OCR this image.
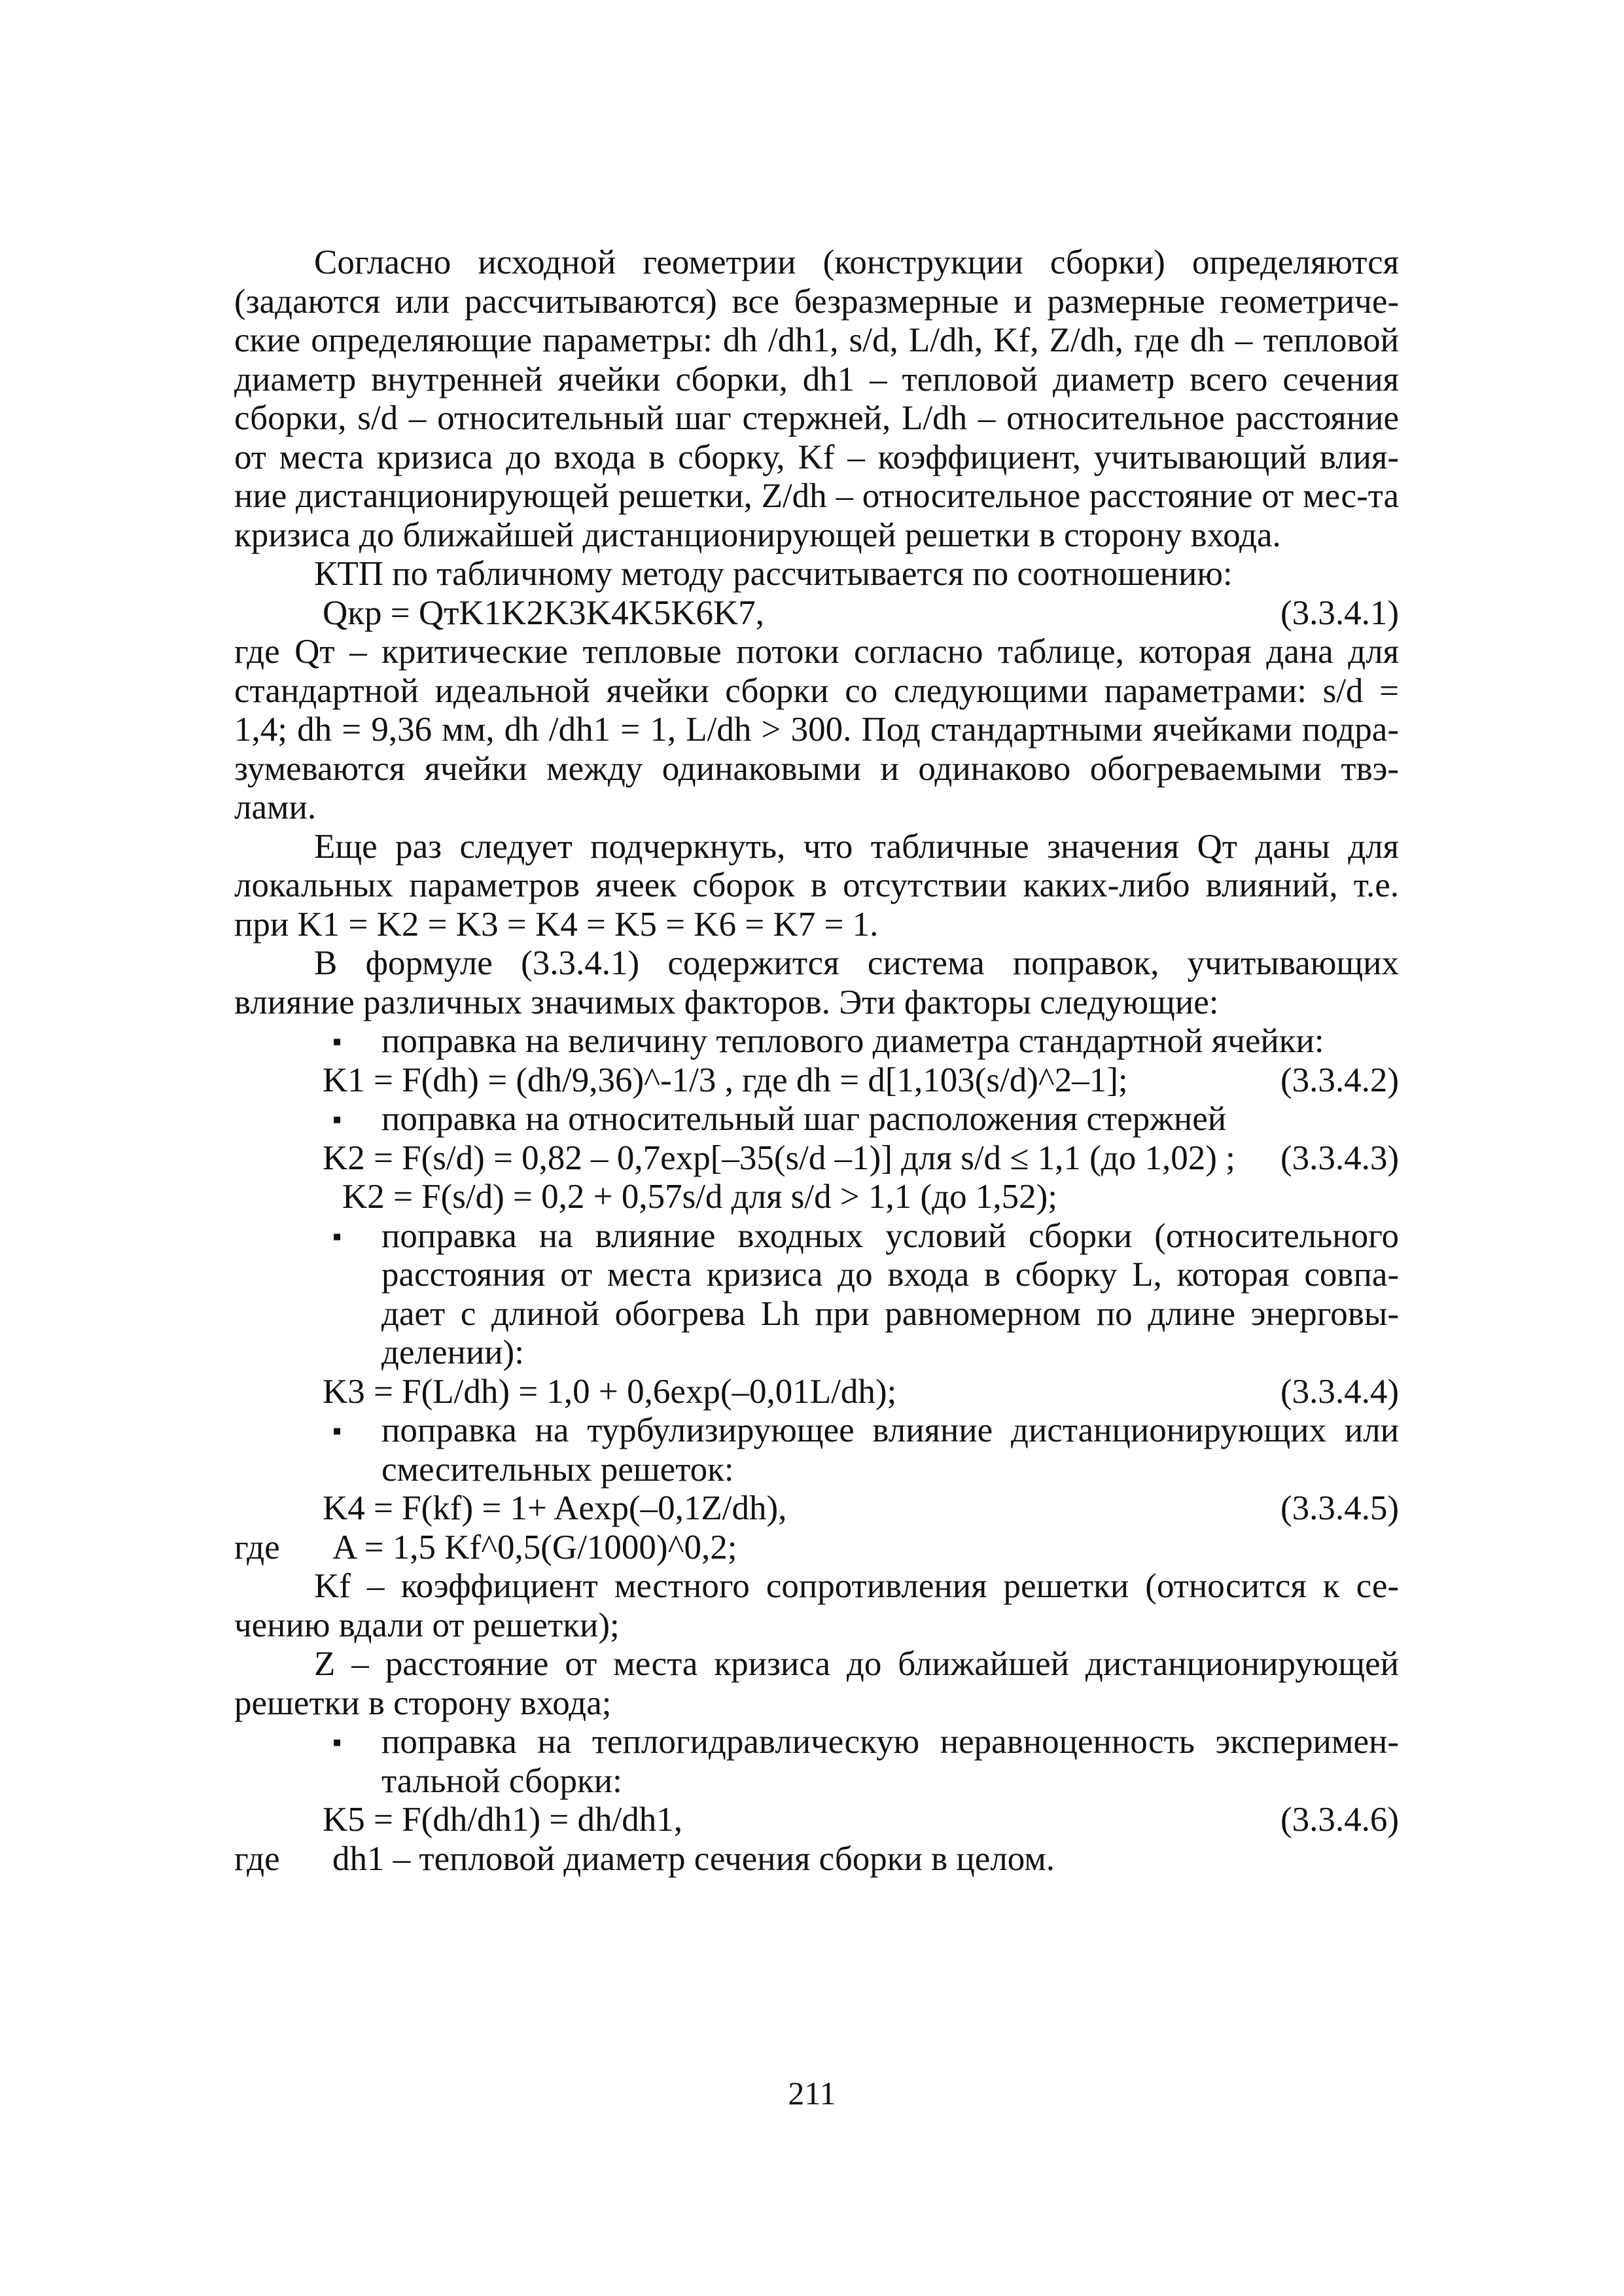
Согласно исходной геометрии (конструкции сборки) определяются (задаются или рассчитываются) все безразмерные и размерные геометриче-ские определяющие параметры: dh /dh1, s/d, L/dh, Kf, Z/dh, где dh – тепловой диаметр внутренней ячейки сборки, dh1 – тепловой диаметр всего сечения сборки, s/d – относительный шаг стержней, L/dh – относительное расстояние от места кризиса до входа в сборку, Kf – коэффициент, учитывающий влия-ние дистанционирующей решетки, Z/dh – относительное расстояние от мес-та кризиса до ближайшей дистанционирующей решетки в сторону входа.

КТП по табличному методу рассчитывается по соотношению:

Qкр = QтK1K2K3K4K5K6K7,	(3.3.4.1)

где Qт – критические тепловые потоки согласно таблице, которая дана для стандартной идеальной ячейки сборки со следующими параметрами: s/d = 1,4; dh = 9,36 мм, dh /dh1 = 1, L/dh > 300. Под стандартными ячейками подра-зумеваются ячейки между одинаковыми и одинаково обогреваемыми твэ-лами.

Еще раз следует подчеркнуть, что табличные значения Qт даны для локальных параметров ячеек сборок в отсутствии каких-либо влияний, т.е. при K1 = K2 = K3 = K4 = K5 = K6 = K7 = 1.

В формуле (3.3.4.1) содержится система поправок, учитывающих влияние различных значимых факторов. Эти факторы следующие:

▪	поправка на величину теплового диаметра стандартной ячейки:
K1 = F(dh) = (dh/9,36)^-1/3 , где dh = d[1,103(s/d)^2–1];	(3.3.4.2)
▪	поправка на относительный шаг расположения стержней
K2 = F(s/d) = 0,82 – 0,7exp[–35(s/d –1)] для s/d ≤ 1,1 (до 1,02) ;	(3.3.4.3)
K2 = F(s/d) = 0,2 + 0,57s/d для s/d > 1,1 (до 1,52);
▪	поправка на влияние входных условий сборки (относительного расстояния от места кризиса до входа в сборку L, которая совпа-дает с длиной обогрева Lh при равномерном по длине энерговы-делении):
K3 = F(L/dh) = 1,0 + 0,6exp(–0,01L/dh);	(3.3.4.4)
▪	поправка на турбулизирующее влияние дистанционирующих или смесительных решеток:
K4 = F(kf) = 1+ Aexp(–0,1Z/dh),	(3.3.4.5)
где	A = 1,5 Kf^0,5(G/1000)^0,2;

Kf – коэффициент местного сопротивления решетки (относится к се-чению вдали от решетки);

Z – расстояние от места кризиса до ближайшей дистанционирующей решетки в сторону входа;

▪	поправка на теплогидравлическую неравноценность эксперимен-тальной сборки:
K5 = F(dh/dh1) = dh/dh1,	(3.3.4.6)
где	dh1 – тепловой диаметр сечения сборки в целом.
211
